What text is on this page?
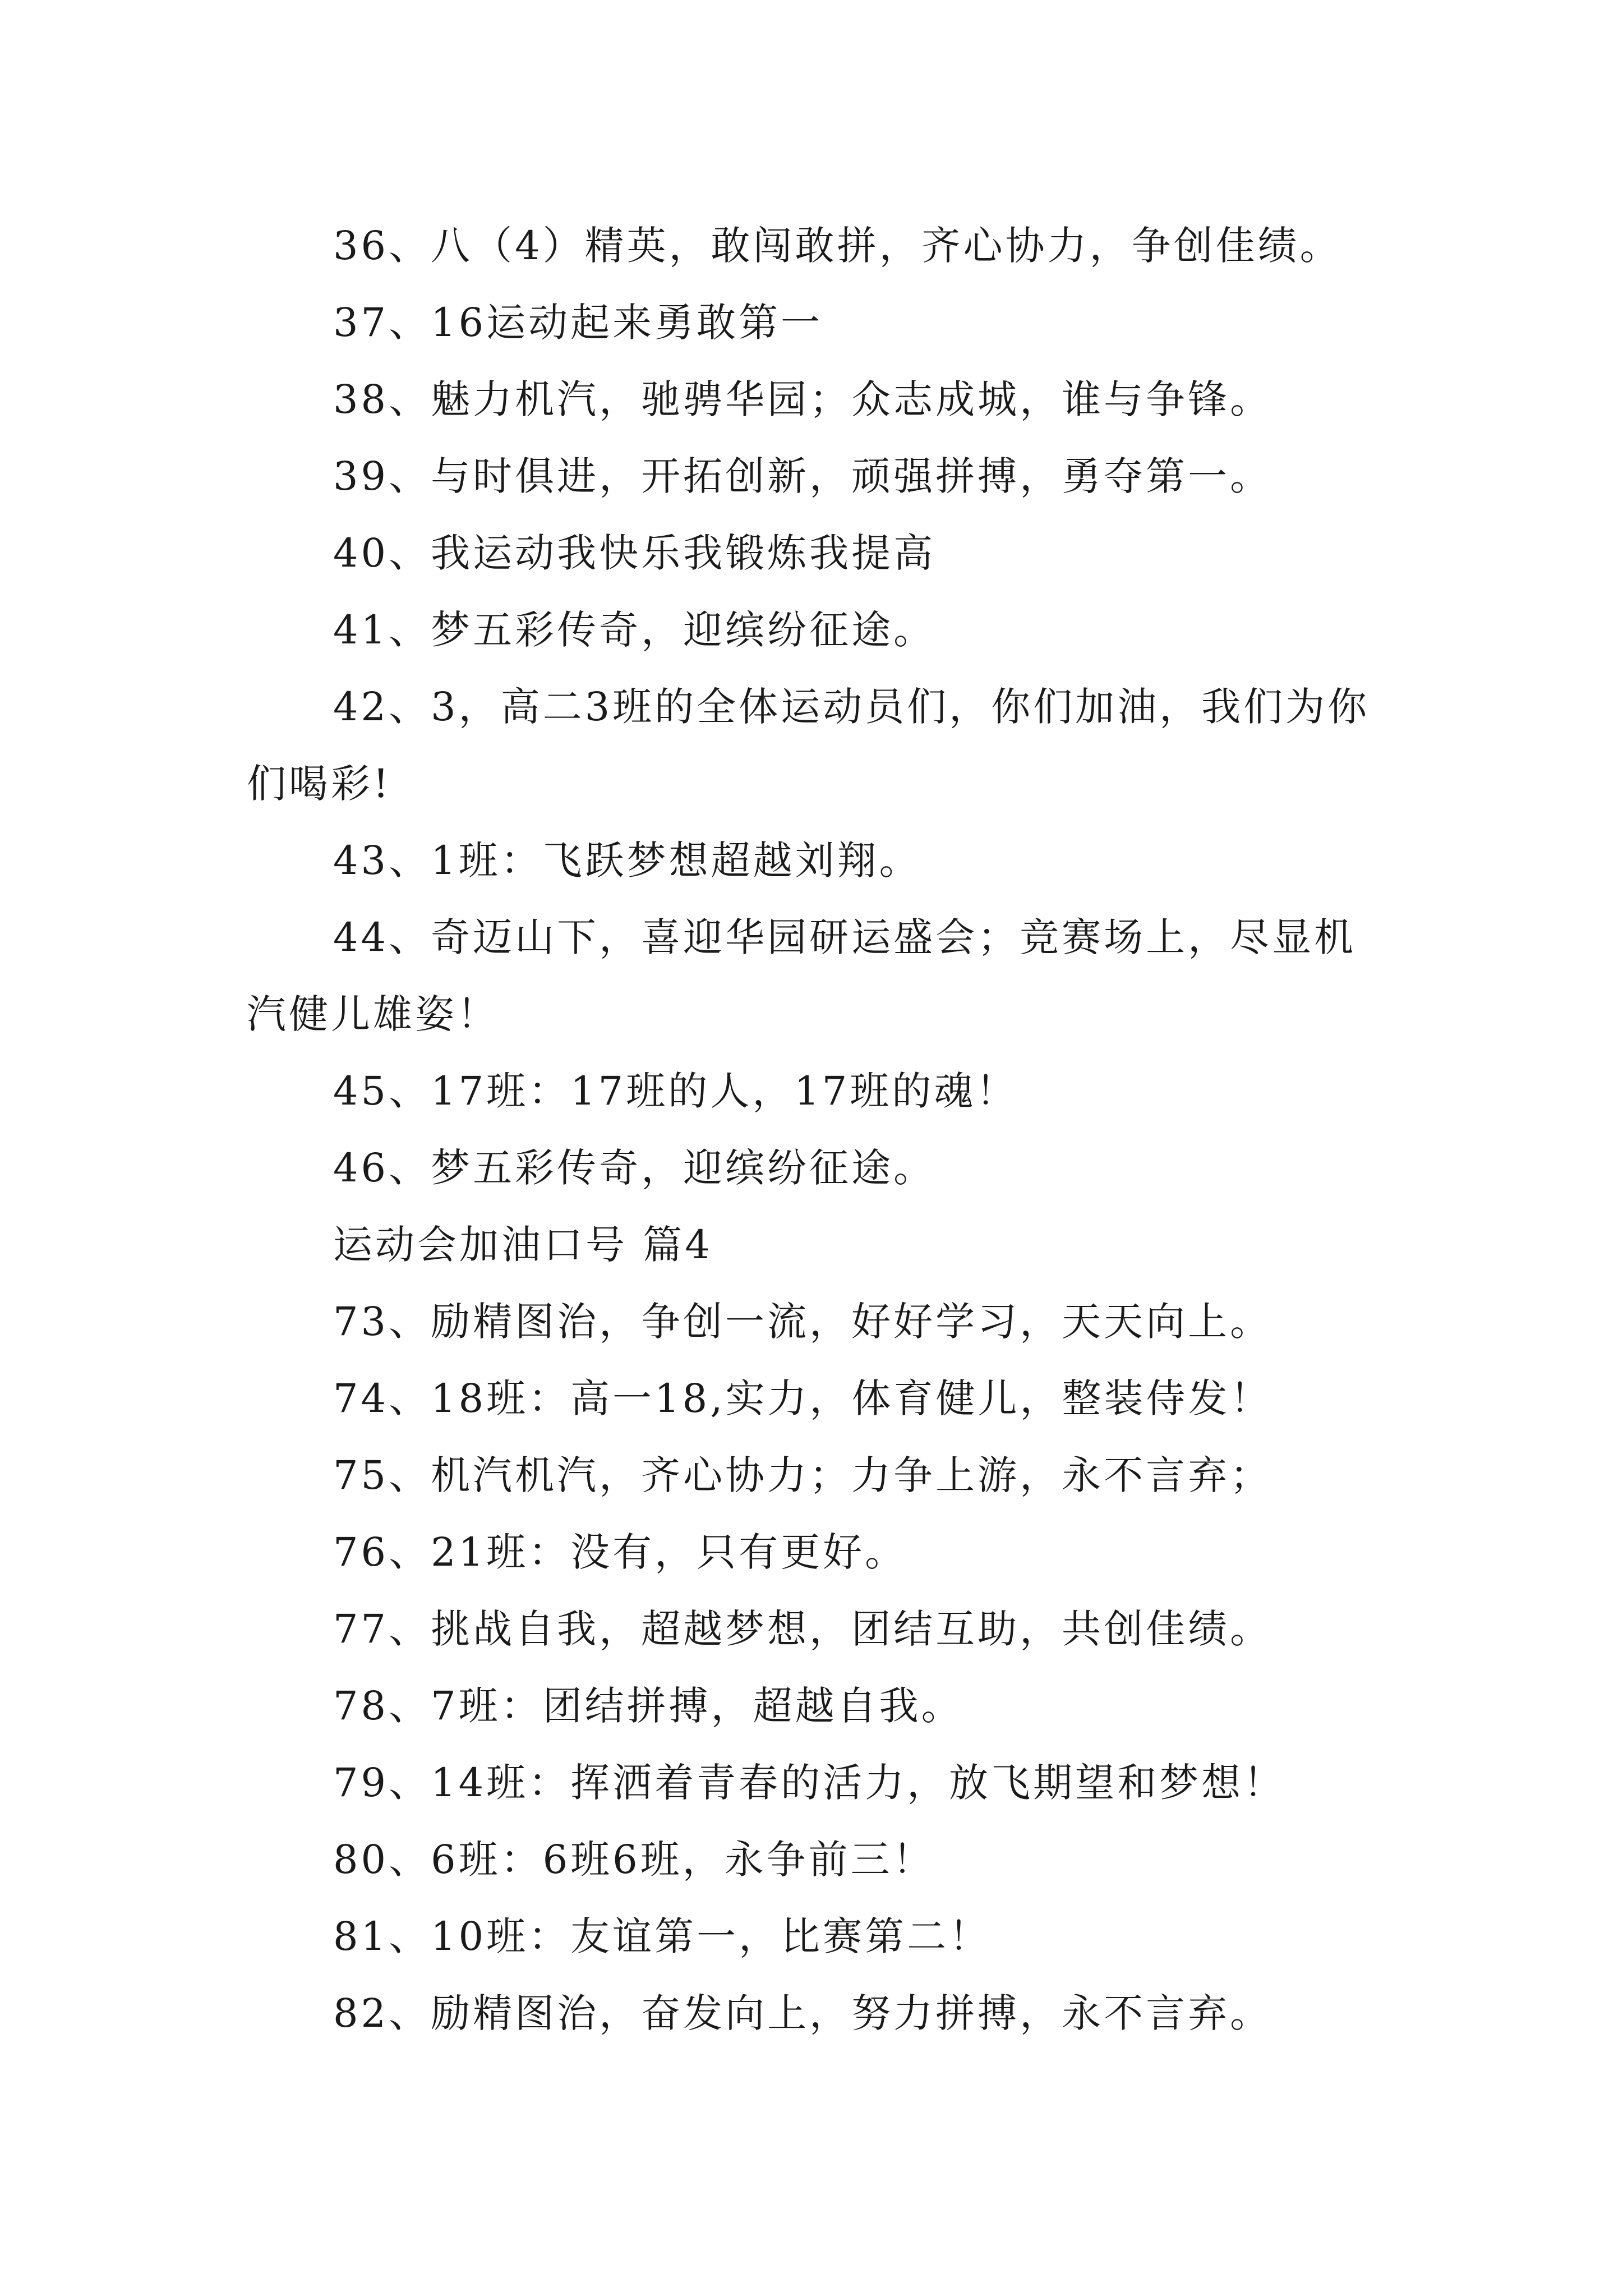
36、八（4）精英，敢闯敢拼，齐心协力，争创佳绩。

37、16运动起来勇敢第一

38、魅力机汽，驰骋华园；众志成城，谁与争锋。

39、与时俱进，开拓创新，顽强拼搏，勇夺第一。

40、我运动我快乐我锻炼我提高

41、梦五彩传奇，迎缤纷征途。

42、3，高二3班的全体运动员们，你们加油，我们为你们喝彩!

43、1班：飞跃梦想超越刘翔。

44、奇迈山下，喜迎华园研运盛会；竞赛场上，尽显机汽健儿雄姿！

45、17班：17班的人，17班的魂！

46、梦五彩传奇，迎缤纷征途。

运动会加油口号 篇4

73、励精图治，争创一流，好好学习，天天向上。

74、18班：高一18,实力，体育健儿，整装侍发！

75、机汽机汽，齐心协力；力争上游，永不言弃；

76、21班：没有，只有更好。

77、挑战自我，超越梦想，团结互助，共创佳绩。

78、7班：团结拼搏，超越自我。

79、14班：挥洒着青春的活力，放飞期望和梦想！

80、6班：6班6班，永争前三！

81、10班：友谊第一，比赛第二！

82、励精图治，奋发向上，努力拼搏，永不言弃。
